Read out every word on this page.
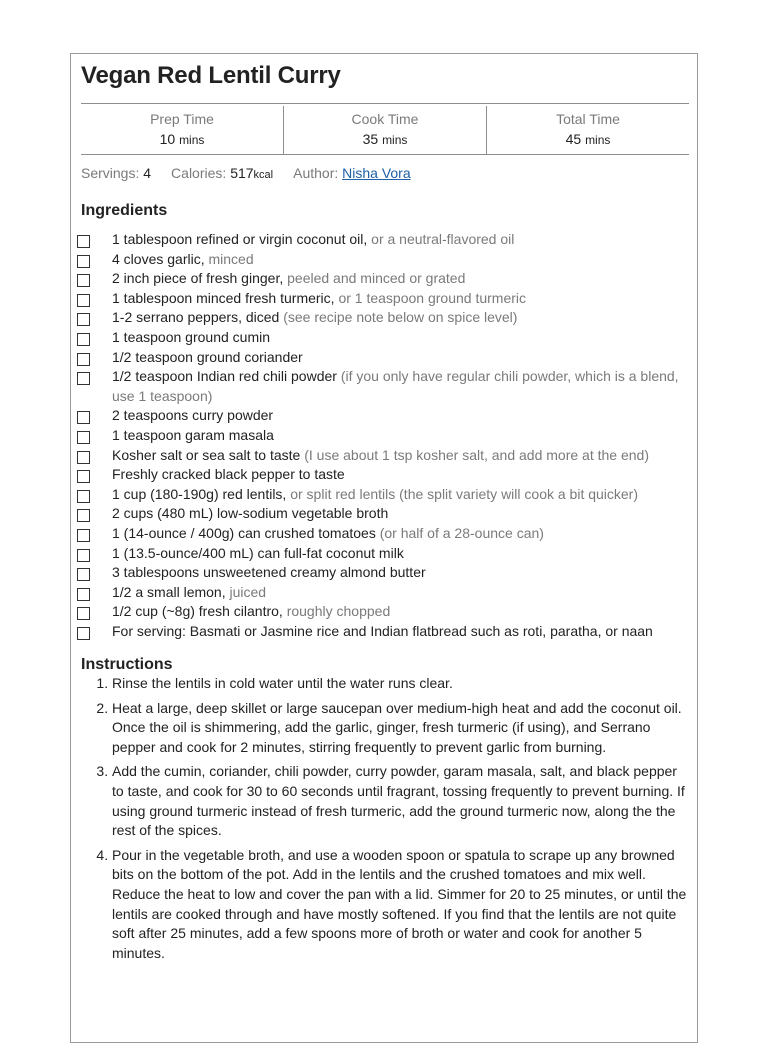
Vegan Red Lentil Curry
Prep Time
10 mins
Cook Time
35 mins
Total Time
45 mins
Servings: 4 Calories: 517kcal Author: Nisha Vora
Ingredients
1 tablespoon refined or virgin coconut oil, or a neutral-flavored oil
4 cloves garlic, minced
2 inch piece of fresh ginger, peeled and minced or grated
1 tablespoon minced fresh turmeric, or 1 teaspoon ground turmeric
1-2 serrano peppers, diced (see recipe note below on spice level)
1 teaspoon ground cumin
1/2 teaspoon ground coriander
1/2 teaspoon Indian red chili powder (if you only have regular chili powder, which is a blend, use 1 teaspoon)
2 teaspoons curry powder
1 teaspoon garam masala
Kosher salt or sea salt to taste (I use about 1 tsp kosher salt, and add more at the end)
Freshly cracked black pepper to taste
1 cup (180-190g) red lentils, or split red lentils (the split variety will cook a bit quicker)
2 cups (480 mL) low-sodium vegetable broth
1 (14-ounce / 400g) can crushed tomatoes (or half of a 28-ounce can)
1 (13.5-ounce/400 mL) can full-fat coconut milk
3 tablespoons unsweetened creamy almond butter
1/2 a small lemon, juiced
1/2 cup (~8g) fresh cilantro, roughly chopped
For serving: Basmati or Jasmine rice and Indian flatbread such as roti, paratha, or naan
Instructions
1. Rinse the lentils in cold water until the water runs clear.
2. Heat a large, deep skillet or large saucepan over medium-high heat and add the coconut oil. Once the oil is shimmering, add the garlic, ginger, fresh turmeric (if using), and Serrano pepper and cook for 2 minutes, stirring frequently to prevent garlic from burning.
3. Add the cumin, coriander, chili powder, curry powder, garam masala, salt, and black pepper to taste, and cook for 30 to 60 seconds until fragrant, tossing frequently to prevent burning. If using ground turmeric instead of fresh turmeric, add the ground turmeric now, along the the rest of the spices.
4. Pour in the vegetable broth, and use a wooden spoon or spatula to scrape up any browned bits on the bottom of the pot. Add in the lentils and the crushed tomatoes and mix well. Reduce the heat to low and cover the pan with a lid. Simmer for 20 to 25 minutes, or until the lentils are cooked through and have mostly softened. If you find that the lentils are not quite soft after 25 minutes, add a few spoons more of broth or water and cook for another 5 minutes.
